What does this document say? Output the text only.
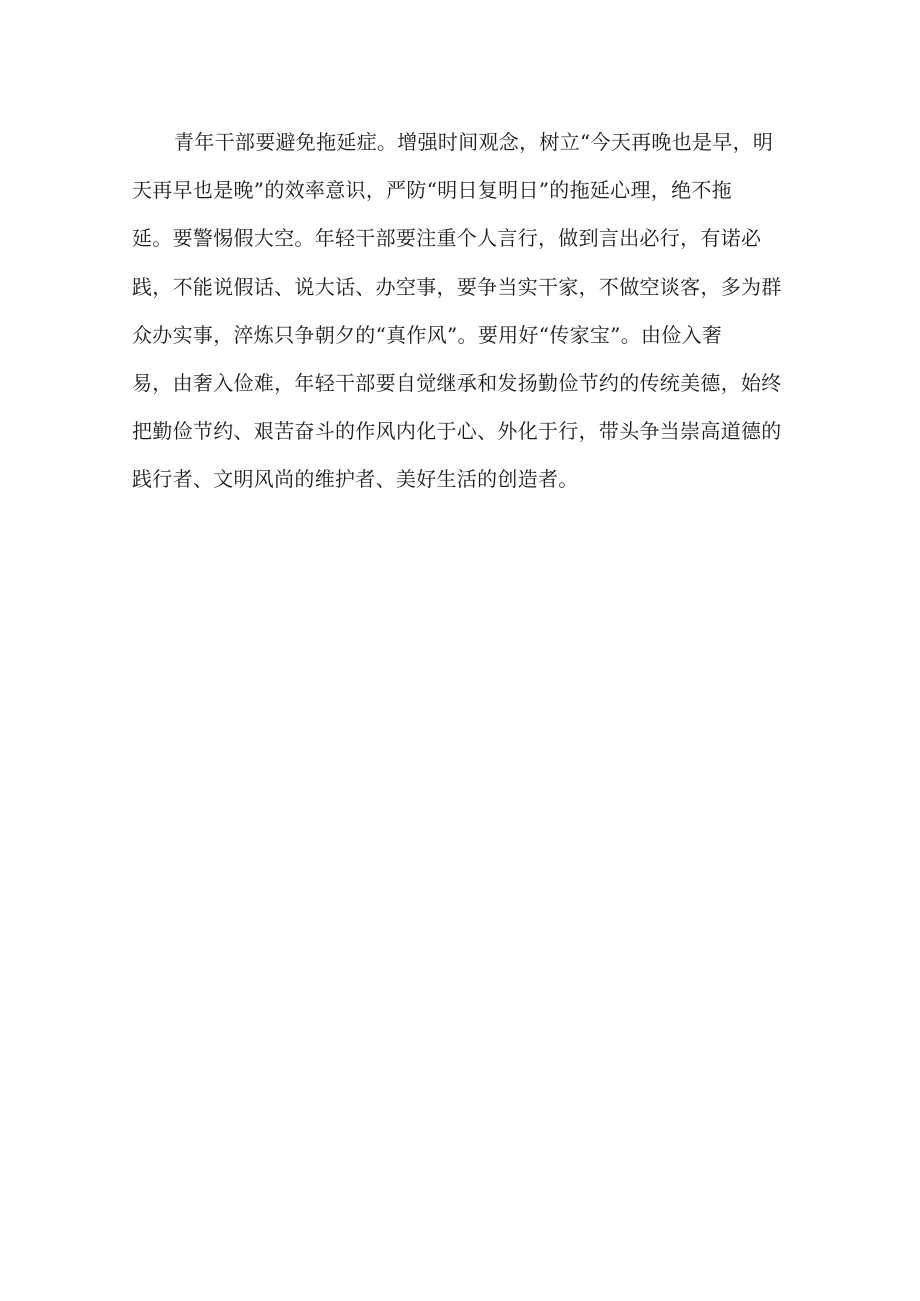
青年干部要避免拖延症。增强时间观念，树立“今天再晚也是早，明
天再早也是晚”的效率意识，严防“明日复明日”的拖延心理，绝不拖
延。要警惕假大空。年轻干部要注重个人言行，做到言出必行，有诺必
践，不能说假话、说大话、办空事，要争当实干家，不做空谈客，多为群
众办实事，淬炼只争朝夕的“真作风”。要用好“传家宝”。由俭入奢
易，由奢入俭难，年轻干部要自觉继承和发扬勤俭节约的传统美德，始终
把勤俭节约、艰苦奋斗的作风内化于心、外化于行，带头争当崇高道德的
践行者、文明风尚的维护者、美好生活的创造者。
